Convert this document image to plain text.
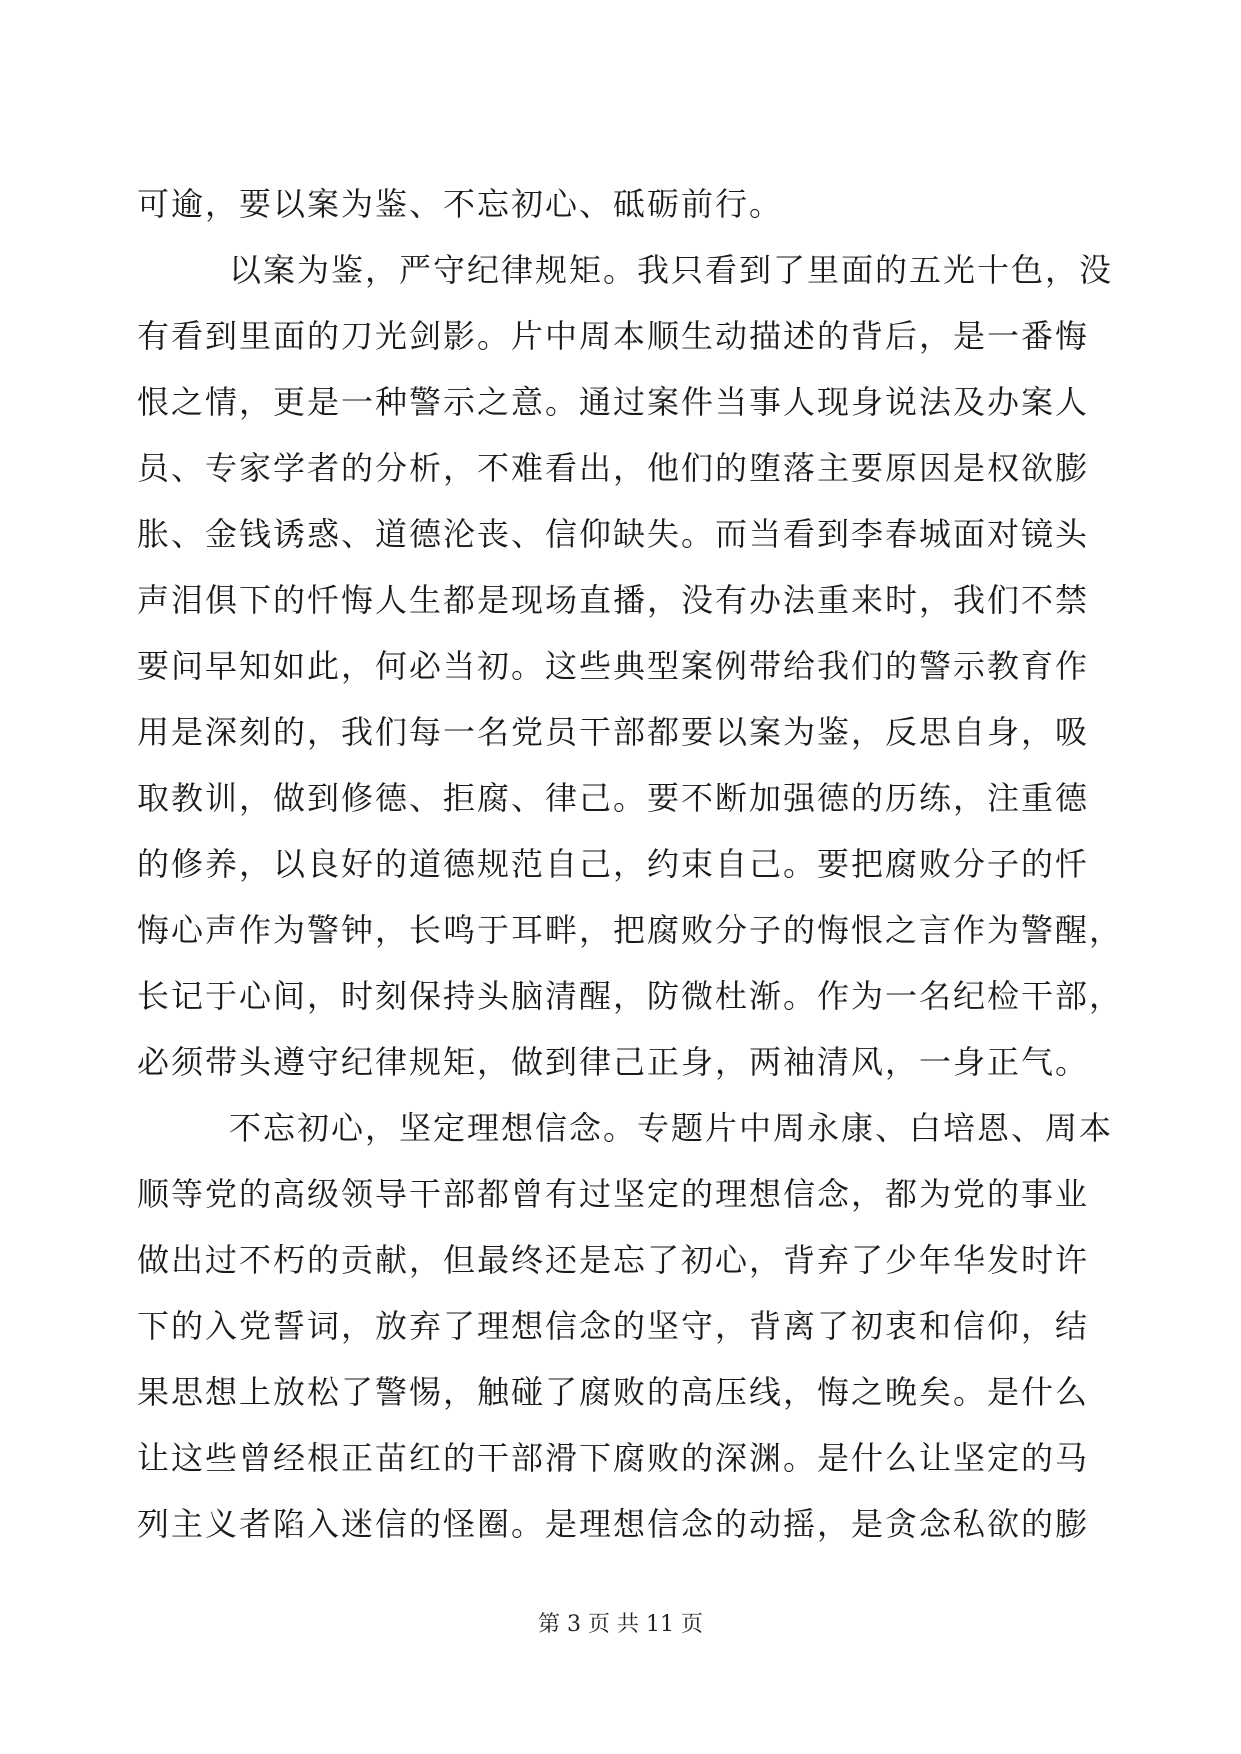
可逾，要以案为鉴、不忘初心、砥砺前行。
以案为鉴，严守纪律规矩。我只看到了里面的五光十色，没
有看到里面的刀光剑影。片中周本顺生动描述的背后，是一番悔
恨之情，更是一种警示之意。通过案件当事人现身说法及办案人
员、专家学者的分析，不难看出，他们的堕落主要原因是权欲膨
胀、金钱诱惑、道德沦丧、信仰缺失。而当看到李春城面对镜头
声泪俱下的忏悔人生都是现场直播，没有办法重来时，我们不禁
要问早知如此，何必当初。这些典型案例带给我们的警示教育作
用是深刻的，我们每一名党员干部都要以案为鉴，反思自身，吸
取教训，做到修德、拒腐、律己。要不断加强德的历练，注重德
的修养，以良好的道德规范自己，约束自己。要把腐败分子的忏
悔心声作为警钟，长鸣于耳畔，把腐败分子的悔恨之言作为警醒，
长记于心间，时刻保持头脑清醒，防微杜渐。作为一名纪检干部，
必须带头遵守纪律规矩，做到律己正身，两袖清风，一身正气。
不忘初心，坚定理想信念。专题片中周永康、白培恩、周本
顺等党的高级领导干部都曾有过坚定的理想信念，都为党的事业
做出过不朽的贡献，但最终还是忘了初心，背弃了少年华发时许
下的入党誓词，放弃了理想信念的坚守，背离了初衷和信仰，结
果思想上放松了警惕，触碰了腐败的高压线，悔之晚矣。是什么
让这些曾经根正苗红的干部滑下腐败的深渊。是什么让坚定的马
列主义者陷入迷信的怪圈。是理想信念的动摇，是贪念私欲的膨
第 3 页 共 11 页
